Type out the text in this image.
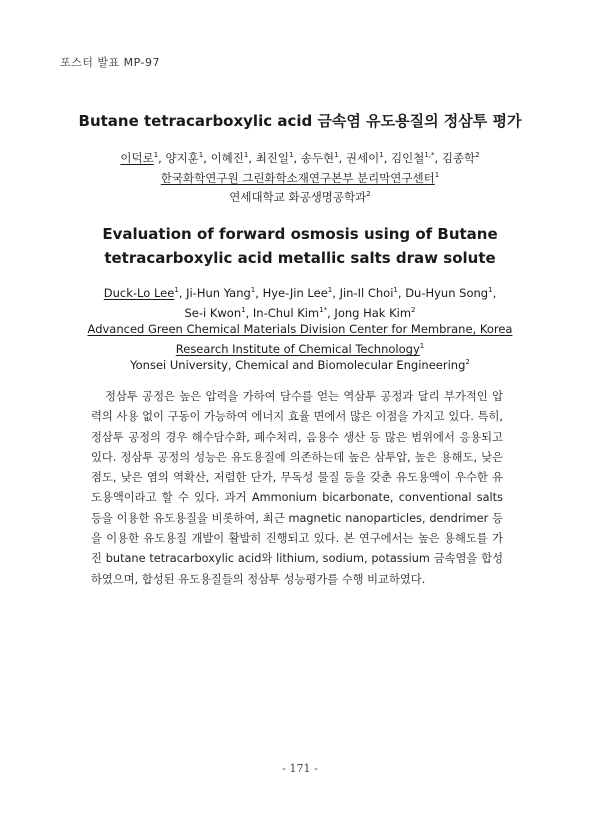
포스터 발표 MP-97
Butane tetracarboxylic acid 금속염 유도용질의 정삼투 평가
이덕로$^1$, 양지훈$^1$, 이혜진$^1$, 최진일$^1$, 송두현$^1$, 권세이$^1$, 김인철$^{1,*}$, 김종학$^2$
한국화학연구원 그린화학소재연구본부 분리막연구센터$^1$
연세대학교 화공생명공학과$^2$
Evaluation of forward osmosis using of Butane
tetracarboxylic acid metallic salts draw solute
Duck-Lo Lee$^1$, Ji-Hun Yang$^1$, Hye-Jin Lee$^1$, Jin-Il Choi$^1$, Du-Hyun Song$^1$,
Se-i Kwon$^1$, In-Chul Kim$^{1*}$, Jong Hak Kim$^2$
Advanced Green Chemical Materials Division Center for Membrane, Korea
Research Institute of Chemical Technology$^1$
Yonsei University, Chemical and Biomolecular Engineering$^2$

정삼투 공정은 높은 압력을 가하여 담수를 얻는 역삼투 공정과 달리 부가적인 압력의 사용 없이 구동이 가능하여 에너지 효율 면에서 많은 이점을 가지고 있다. 특히, 정삼투 공정의 경우 해수담수화, 폐수처리, 음용수 생산 등 많은 범위에서 응용되고 있다. 정삼투 공정의 성능은 유도용질에 의존하는데 높은 삼투압, 높은 용해도, 낮은 점도, 낮은 염의 역확산, 저렴한 단가, 무독성 물질 등을 갖춘 유도용액이 우수한 유도용액이라고 할 수 있다. 과거 Ammonium bicarbonate, conventional salts 등을 이용한 유도용질을 비롯하여, 최근 magnetic nanoparticles, dendrimer 등을 이용한 유도용질 개발이 활발히 진행되고 있다. 본 연구에서는 높은 용해도를 가진 butane tetracarboxylic acid와 lithium, sodium, potassium 금속염을 합성하였으며, 합성된 유도용질들의 정삼투 성능평가를 수행 비교하였다.

- 171 -
